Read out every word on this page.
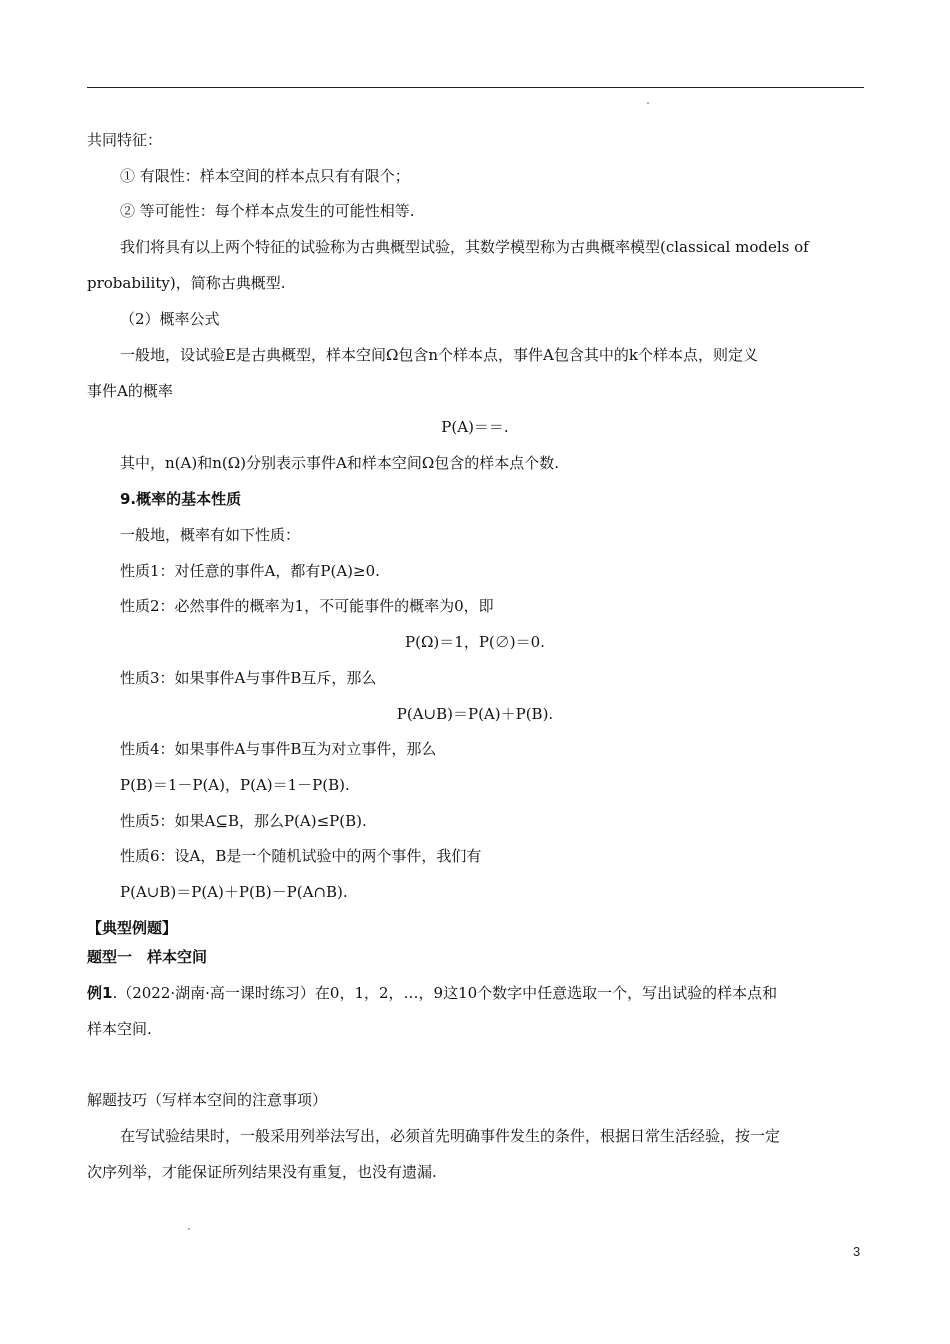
共同特征：
① 有限性：样本空间的样本点只有有限个；
② 等可能性：每个样本点发生的可能性相等.
我们将具有以上两个特征的试验称为古典概型试验，其数学模型称为古典概率模型(classical models of
probability)，简称古典概型.
（2）概率公式
一般地，设试验E是古典概型，样本空间Ω包含n个样本点，事件A包含其中的k个样本点，则定义
事件A的概率
P(A)＝＝.
其中，n(A)和n(Ω)分别表示事件A和样本空间Ω包含的样本点个数.
9.概率的基本性质
一般地，概率有如下性质：
性质1：对任意的事件A，都有P(A)≥0.
性质2：必然事件的概率为1，不可能事件的概率为0，即
P(Ω)＝1，P(∅)＝0.
性质3：如果事件A与事件B互斥，那么
P(A∪B)＝P(A)＋P(B).
性质4：如果事件A与事件B互为对立事件，那么
P(B)＝1－P(A)，P(A)＝1－P(B).
性质5：如果A⊆B，那么P(A)≤P(B).
性质6：设A，B是一个随机试验中的两个事件，我们有
P(A∪B)＝P(A)＋P(B)－P(A∩B).
【典型例题】
题型一　样本空间
例1.（2022·湖南·高一课时练习）在0，1，2，…，9这10个数字中任意选取一个，写出试验的样本点和
样本空间.
解题技巧（写样本空间的注意事项）
在写试验结果时，一般采用列举法写出，必须首先明确事件发生的条件，根据日常生活经验，按一定
次序列举，才能保证所列结果没有重复，也没有遗漏.
3
